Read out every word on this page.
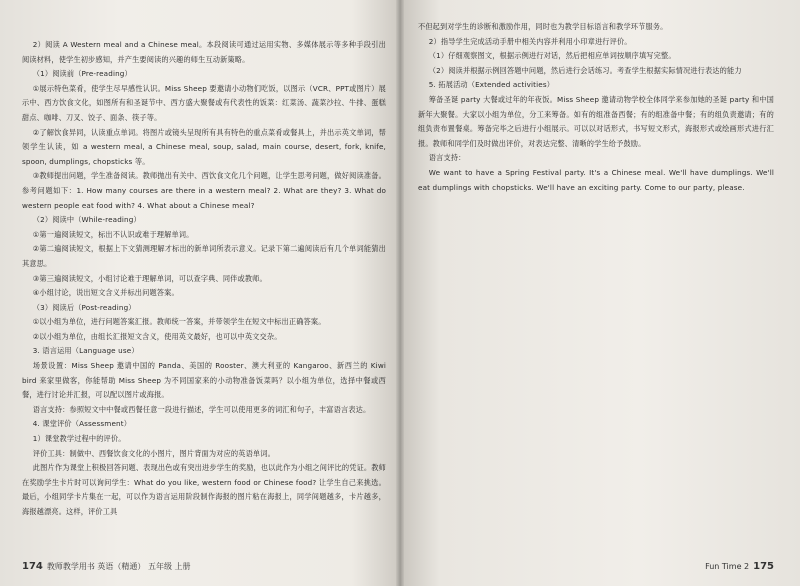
2）阅读 A Western meal and a Chinese meal。本段阅读可通过运用实物、多媒体展示等多种手段引出阅读材料，使学生初步感知，并产生要阅读的兴趣的师生互动新策略。

（1）阅读前（Pre-reading）

①展示特色菜肴，使学生尽早感性认识。Miss Sheep 要邀请小动物们吃饭，以图示（VCR、PPT或图片）展示中、西方饮食文化，如图所有和圣诞节中、西方盛大聚餐或有代表性的饭菜：红菜汤、蔬菜沙拉、牛排、蛋糕甜点、咖啡、刀叉、饺子、面条、筷子等。

②了解饮食异同，认读重点单词。将图片或镜头呈现所有具有特色的重点菜肴或餐具上，并出示英文单词，帮领学生认读，如 a western meal, a Chinese meal, soup, salad, main course, desert, fork, knife, spoon, dumplings, chopsticks 等。

③教师提出问题，学生准备阅读。教师抛出有关中、西饮食文化几个问题，让学生思考问题，做好阅读准备。参考问题如下：1. How many courses are there in a western meal? 2. What are they? 3. What do western people eat food with? 4. What about a Chinese meal?

（2）阅读中（While-reading）

①第一遍阅读短文，标出不认识或难于理解单词。

②第二遍阅读短文，根据上下文猜测理解才标出的新单词所表示意义。记录下第二遍阅读后有几个单词能猜出其意思。

③第三遍阅读短文，小组讨论难于理解单词，可以查字典、同伴或教师。

④小组讨论，说出短文含义并标出问题答案。

（3）阅读后（Post-reading）

①以小组为单位，进行问题答案汇报。教师统一答案，并带领学生在短文中标出正确答案。

②以小组为单位，由组长汇报短文含义，使用英文最好，也可以中英文交杂。

3. 语言运用（Language use）

场景设置：Miss Sheep 邀请中国的 Panda、美国的 Rooster、澳大利亚的 Kangaroo、新西兰的 Kiwi bird 来家里做客，你能帮助 Miss Sheep 为不同国家来的小动物准备饭菜吗？以小组为单位，选择中餐或西餐，进行讨论并汇报，可以配以图片或海报。

语言支持：参照短文中中餐或西餐任意一段进行描述，学生可以使用更多的词汇和句子，丰富语言表达。

4. 课堂评价（Assessment）

1）课堂教学过程中的评价。

评价工具：制做中、西餐饮食文化的小图片，图片背面为对应的英语单词。

此图片作为课堂上积极回答问题、表现出色或有突出进步学生的奖励，也以此作为小组之间评比的凭证。教师在奖励学生卡片时可以询问学生：What do you like, western food or Chinese food? 让学生自己来挑选。最后，小组同学卡片集在一起，可以作为语言运用阶段制作海报的图片粘在海报上，同学间题越多，卡片越多，海报越漂亮。这样，评价工具

174 教师教学用书 英语（精通） 五年级 上册

不但起到对学生的诊断和激励作用，同时也为教学目标语言和教学环节服务。

2）指导学生完成活动手册中相关内容并利用小印章进行评价。

（1）仔细观察图文，根据示例进行对话，然后把相应单词按顺序填写完整。

（2）阅读并根据示例回答题中问题，然后进行会话练习。考查学生根据实际情况进行表达的能力

5. 拓展活动（Extended activities）

筹备圣诞 party 大餐或过年的年夜饭。Miss Sheep 邀请动物学校全体同学来参加她的圣诞 party 和中国新年大聚餐。大家以小组为单位，分工来筹备。如有的组准备西餐；有的组准备中餐；有的组负责邀请；有的组负责布置餐桌。筹备完毕之后进行小组展示。可以以对话形式，书写短文形式，海报形式或绘画形式进行汇报。教师和同学们及时做出评价，对表达完整、清晰的学生给予鼓励。

语言支持：

We want to have a Spring Festival party. It's a Chinese meal. We'll have dumplings. We'll eat dumplings with chopsticks. We'll have an exciting party. Come to our party, please.

Fun Time 2 175
